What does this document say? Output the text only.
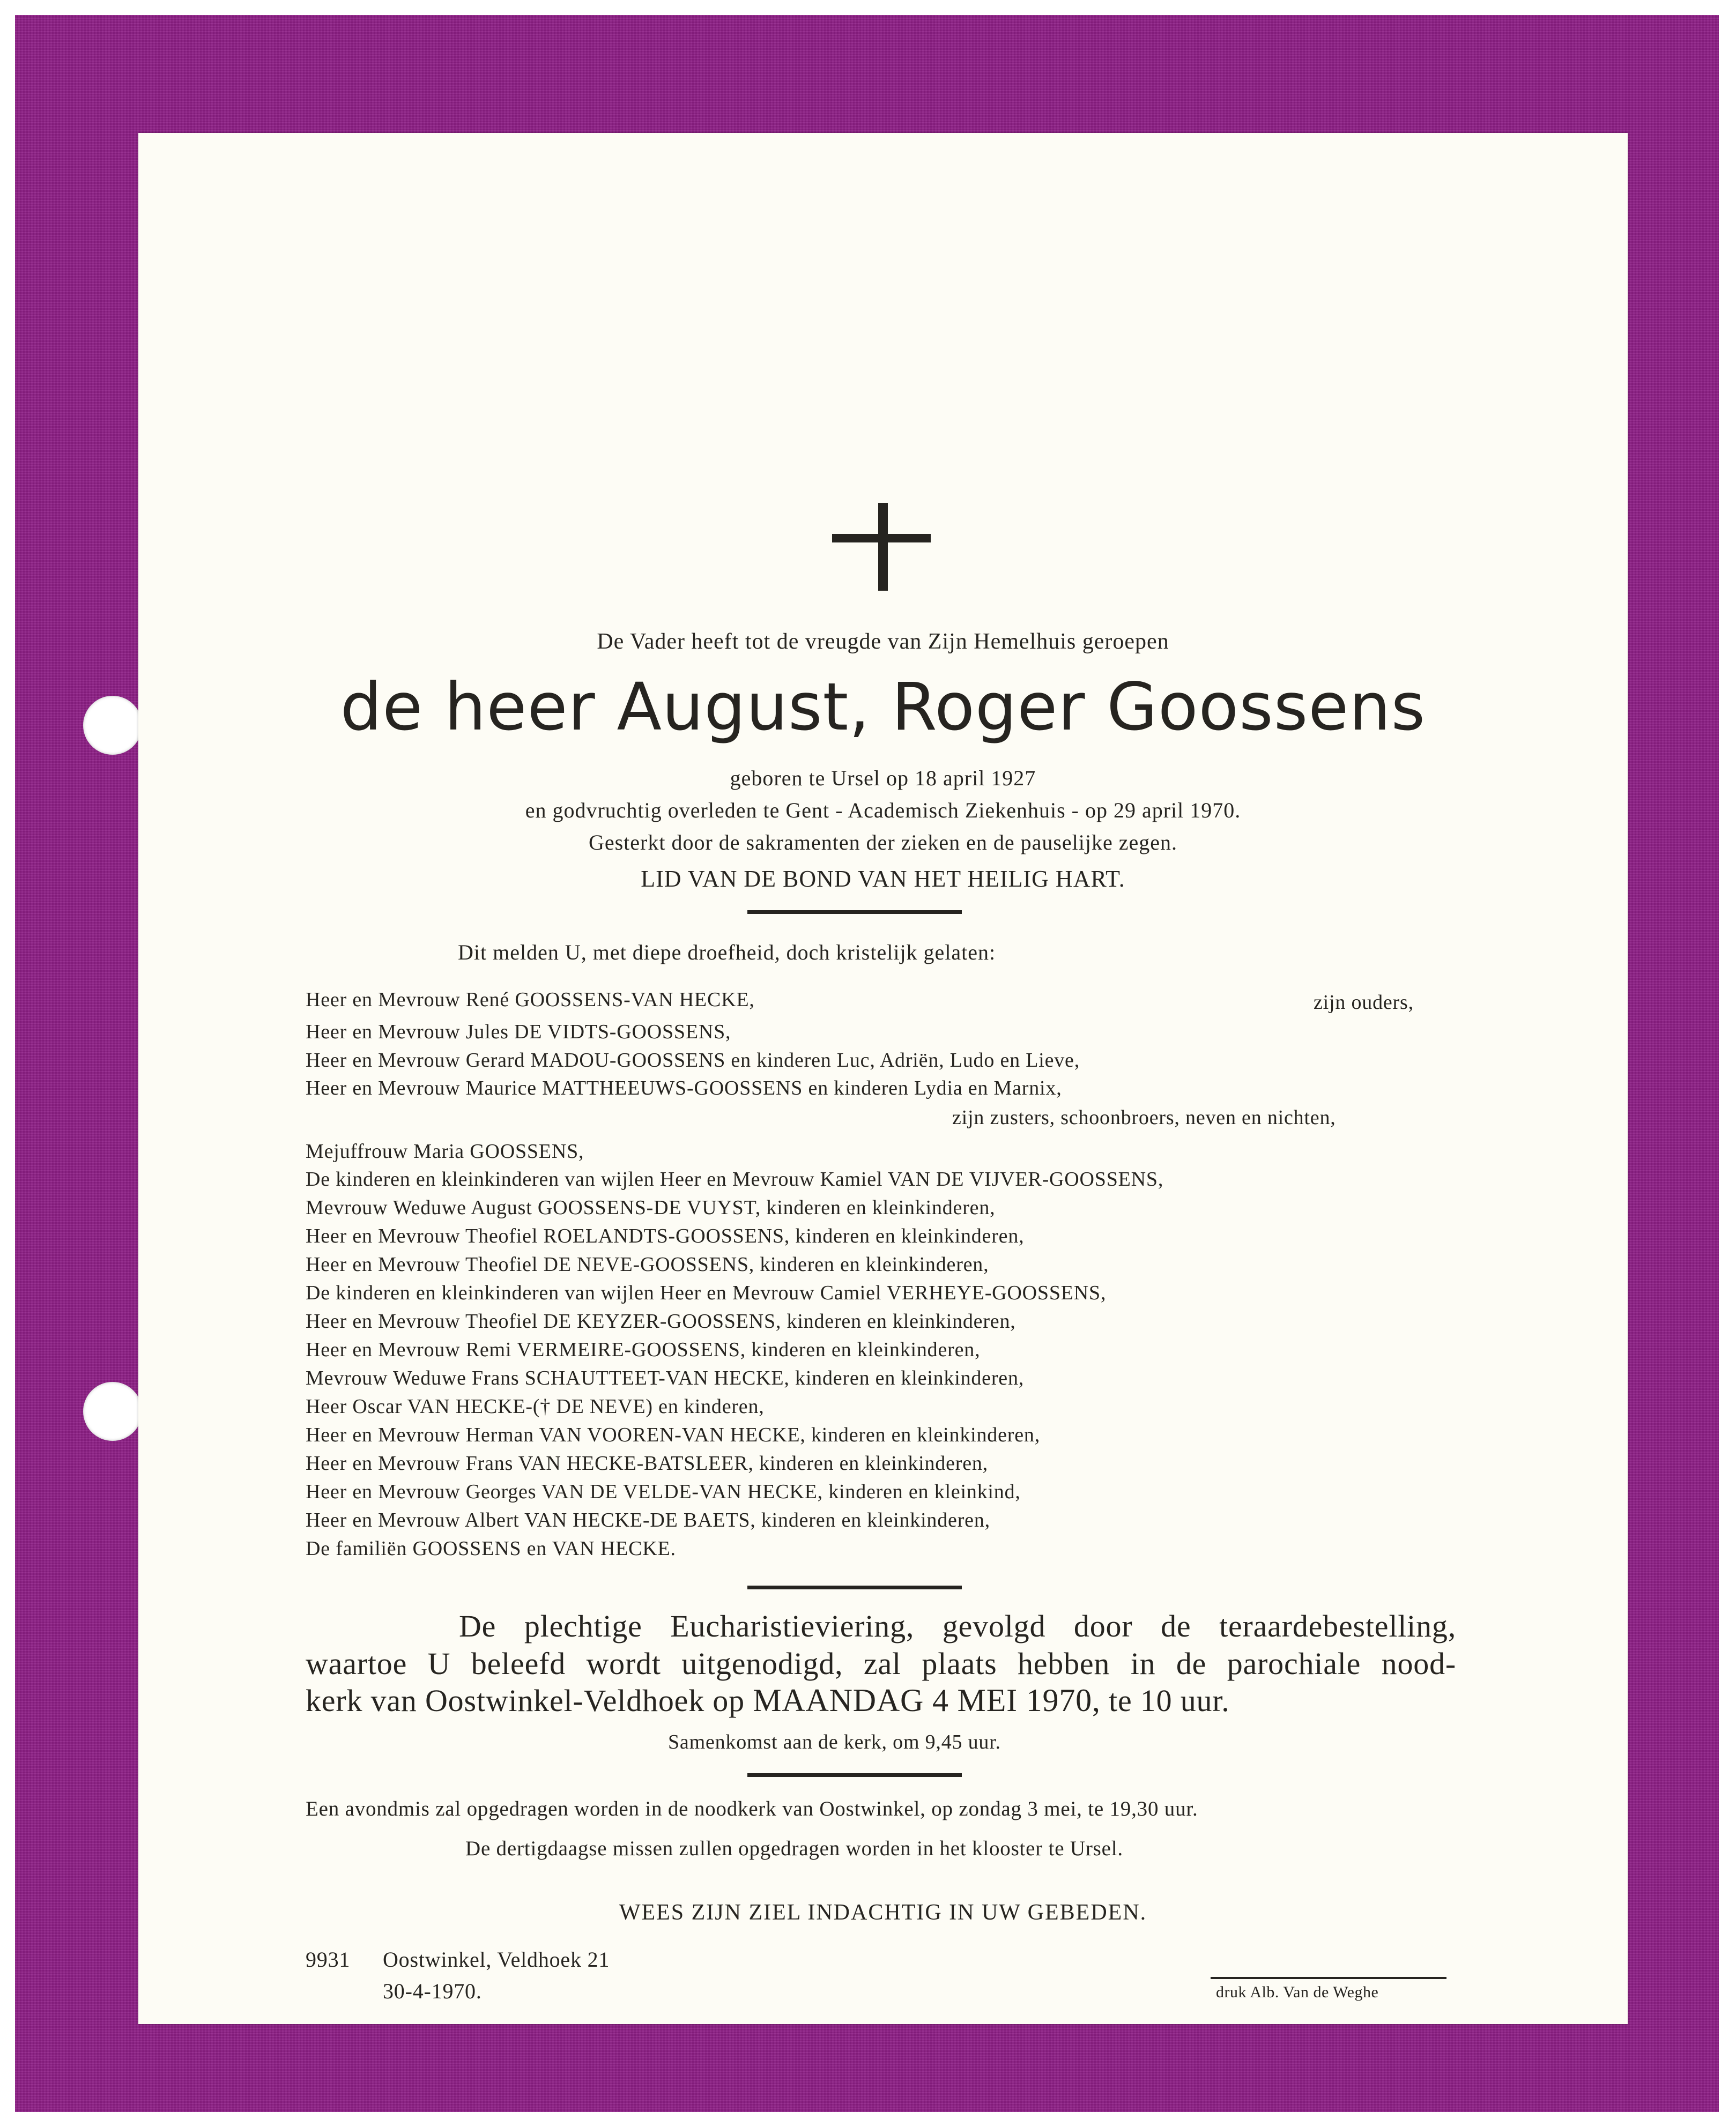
De Vader heeft tot de vreugde van Zijn Hemelhuis geroepen
de heer August, Roger Goossens
geboren te Ursel op 18 april 1927
en godvruchtig overleden te Gent - Academisch Ziekenhuis - op 29 april 1970.
Gesterkt door de sakramenten der zieken en de pauselijke zegen.
LID VAN DE BOND VAN HET HEILIG HART.
Dit melden U, met diepe droefheid, doch kristelijk gelaten:
Heer en Mevrouw René GOOSSENS-VAN HECKE,	zijn ouders,
Heer en Mevrouw Jules DE VIDTS-GOOSSENS,
Heer en Mevrouw Gerard MADOU-GOOSSENS en kinderen Luc, Adriën, Ludo en Lieve,
Heer en Mevrouw Maurice MATTHEEUWS-GOOSSENS en kinderen Lydia en Marnix,
zijn zusters, schoonbroers, neven en nichten,
Mejuffrouw Maria GOOSSENS,
De kinderen en kleinkinderen van wijlen Heer en Mevrouw Kamiel VAN DE VIJVER-GOOSSENS,
Mevrouw Weduwe August GOOSSENS-DE VUYST, kinderen en kleinkinderen,
Heer en Mevrouw Theofiel ROELANDTS-GOOSSENS, kinderen en kleinkinderen,
Heer en Mevrouw Theofiel DE NEVE-GOOSSENS, kinderen en kleinkinderen,
De kinderen en kleinkinderen van wijlen Heer en Mevrouw Camiel VERHEYE-GOOSSENS,
Heer en Mevrouw Theofiel DE KEYZER-GOOSSENS, kinderen en kleinkinderen,
Heer en Mevrouw Remi VERMEIRE-GOOSSENS, kinderen en kleinkinderen,
Mevrouw Weduwe Frans SCHAUTTEET-VAN HECKE, kinderen en kleinkinderen,
Heer Oscar VAN HECKE-(† DE NEVE) en kinderen,
Heer en Mevrouw Herman VAN VOOREN-VAN HECKE, kinderen en kleinkinderen,
Heer en Mevrouw Frans VAN HECKE-BATSLEER, kinderen en kleinkinderen,
Heer en Mevrouw Georges VAN DE VELDE-VAN HECKE, kinderen en kleinkind,
Heer en Mevrouw Albert VAN HECKE-DE BAETS, kinderen en kleinkinderen,
De familiën GOOSSENS en VAN HECKE.
De plechtige Eucharistieviering, gevolgd door de teraardebestelling,
waartoe U beleefd wordt uitgenodigd, zal plaats hebben in de parochiale nood-
kerk van Oostwinkel-Veldhoek op MAANDAG 4 MEI 1970, te 10 uur.
Samenkomst aan de kerk, om 9,45 uur.
Een avondmis zal opgedragen worden in de noodkerk van Oostwinkel, op zondag 3 mei, te 19,30 uur.
De dertigdaagse missen zullen opgedragen worden in het klooster te Ursel.
WEES ZIJN ZIEL INDACHTIG IN UW GEBEDEN.
9931 Oostwinkel, Veldhoek 21
30-4-1970.	druk Alb. Van de Weghe
